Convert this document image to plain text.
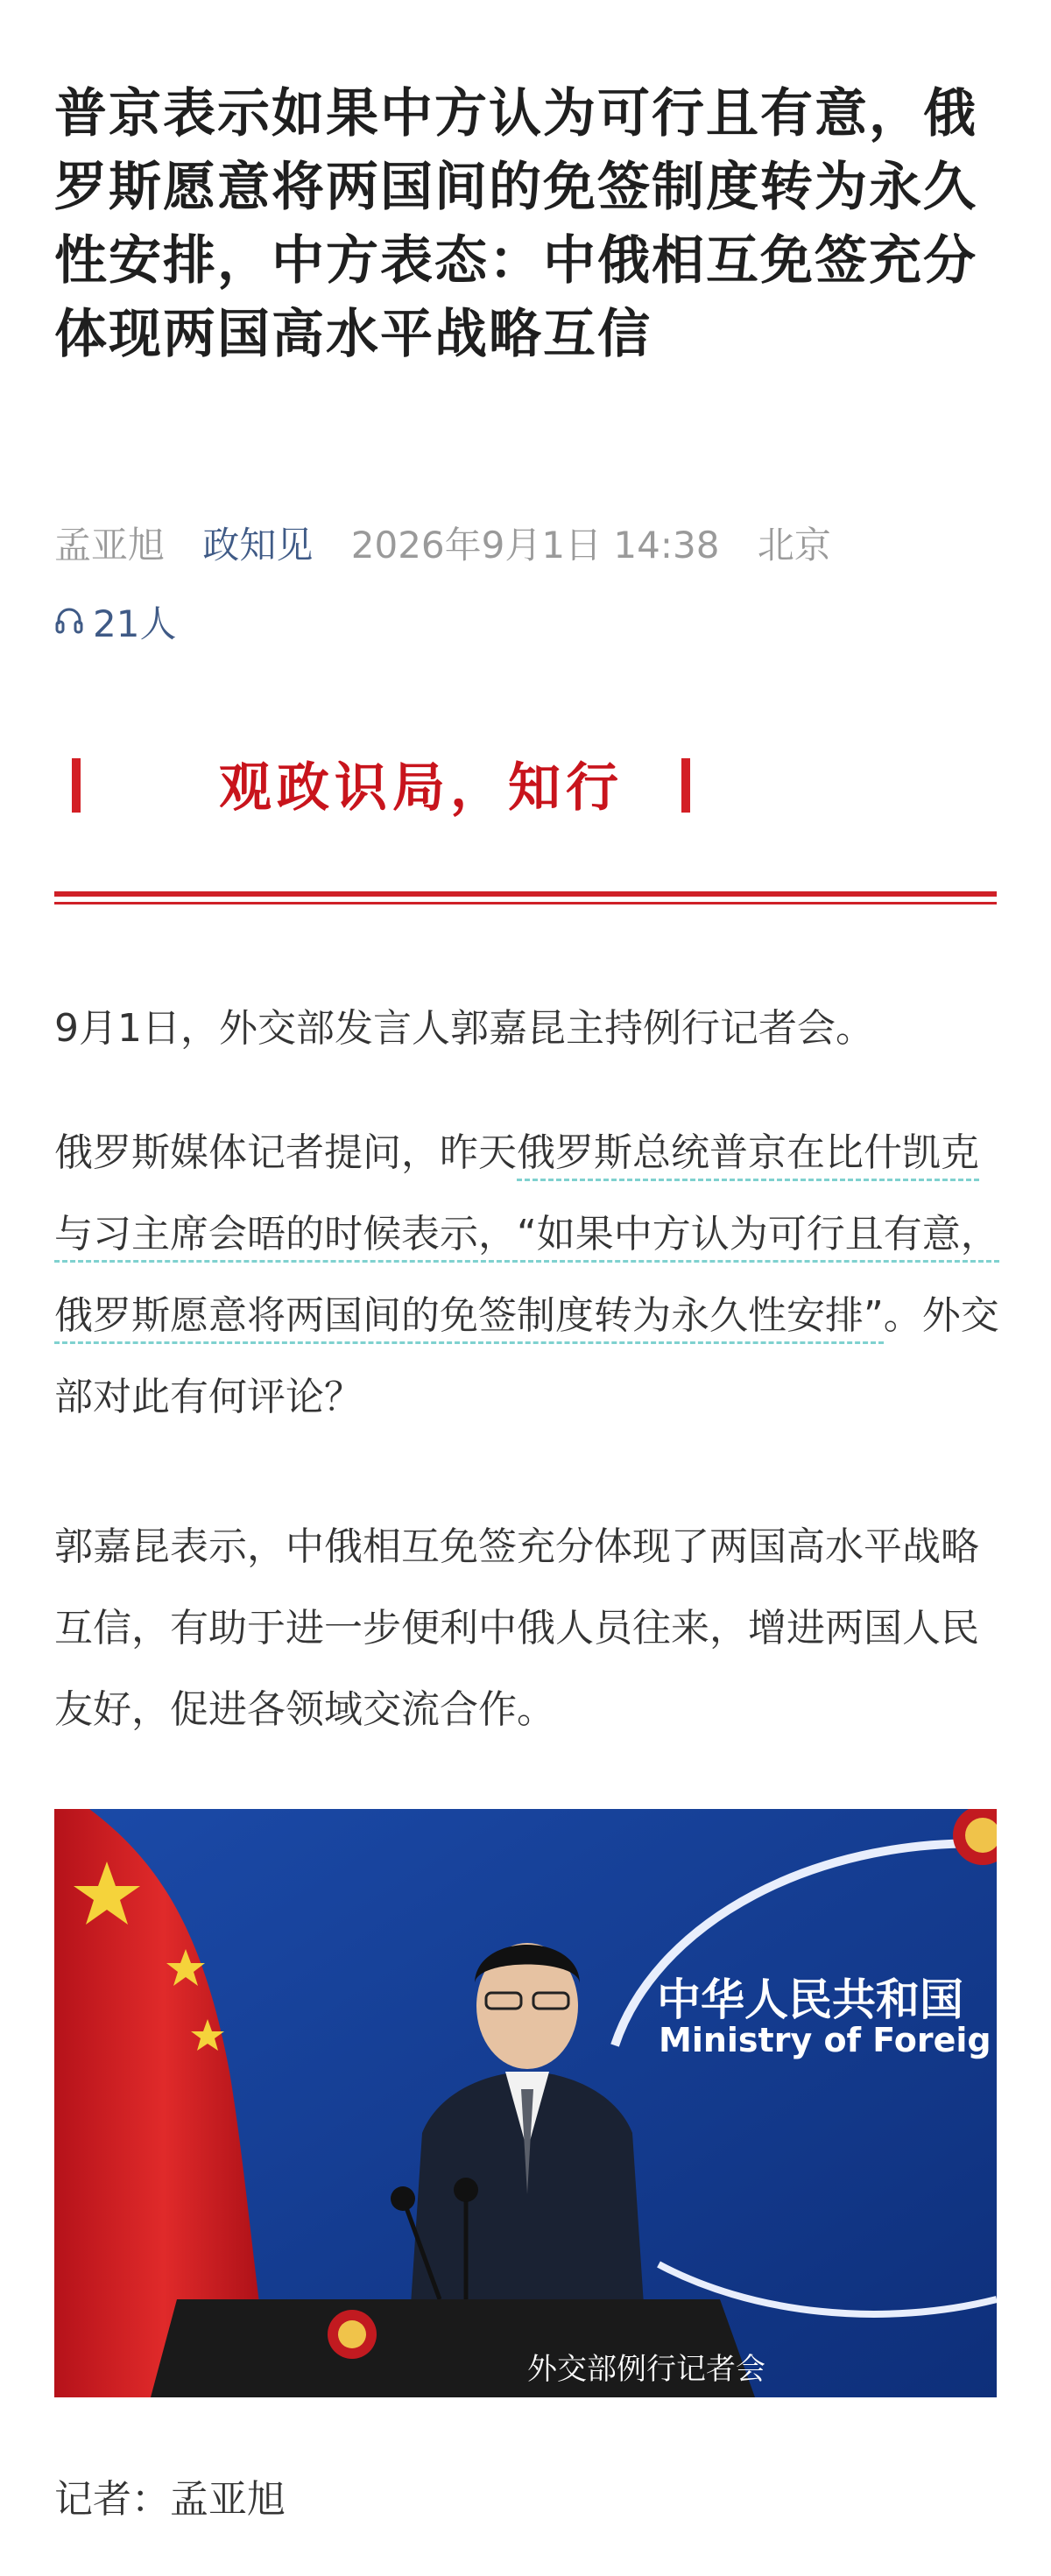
普京表示如果中方认为可行且有意，俄罗斯愿意将两国间的免签制度转为永久性安排，中方表态：中俄相互免签充分体现两国高水平战略互信
孟亚旭 政知见 2026年9月1日 14:38 北京
21人
观政识局，知行

9月1日，外交部发言人郭嘉昆主持例行记者会。

俄罗斯媒体记者提问，昨天俄罗斯总统普京在比什凯克与习主席会晤的时候表示，“如果中方认为可行且有意，俄罗斯愿意将两国间的免签制度转为永久性安排”。外交部对此有何评论？

郭嘉昆表示，中俄相互免签充分体现了两国高水平战略互信，有助于进一步便利中俄人员往来，增进两国人民友好，促进各领域交流合作。

中华人民共和国
Ministry of Foreig
外交部例行记者会
记者：孟亚旭
